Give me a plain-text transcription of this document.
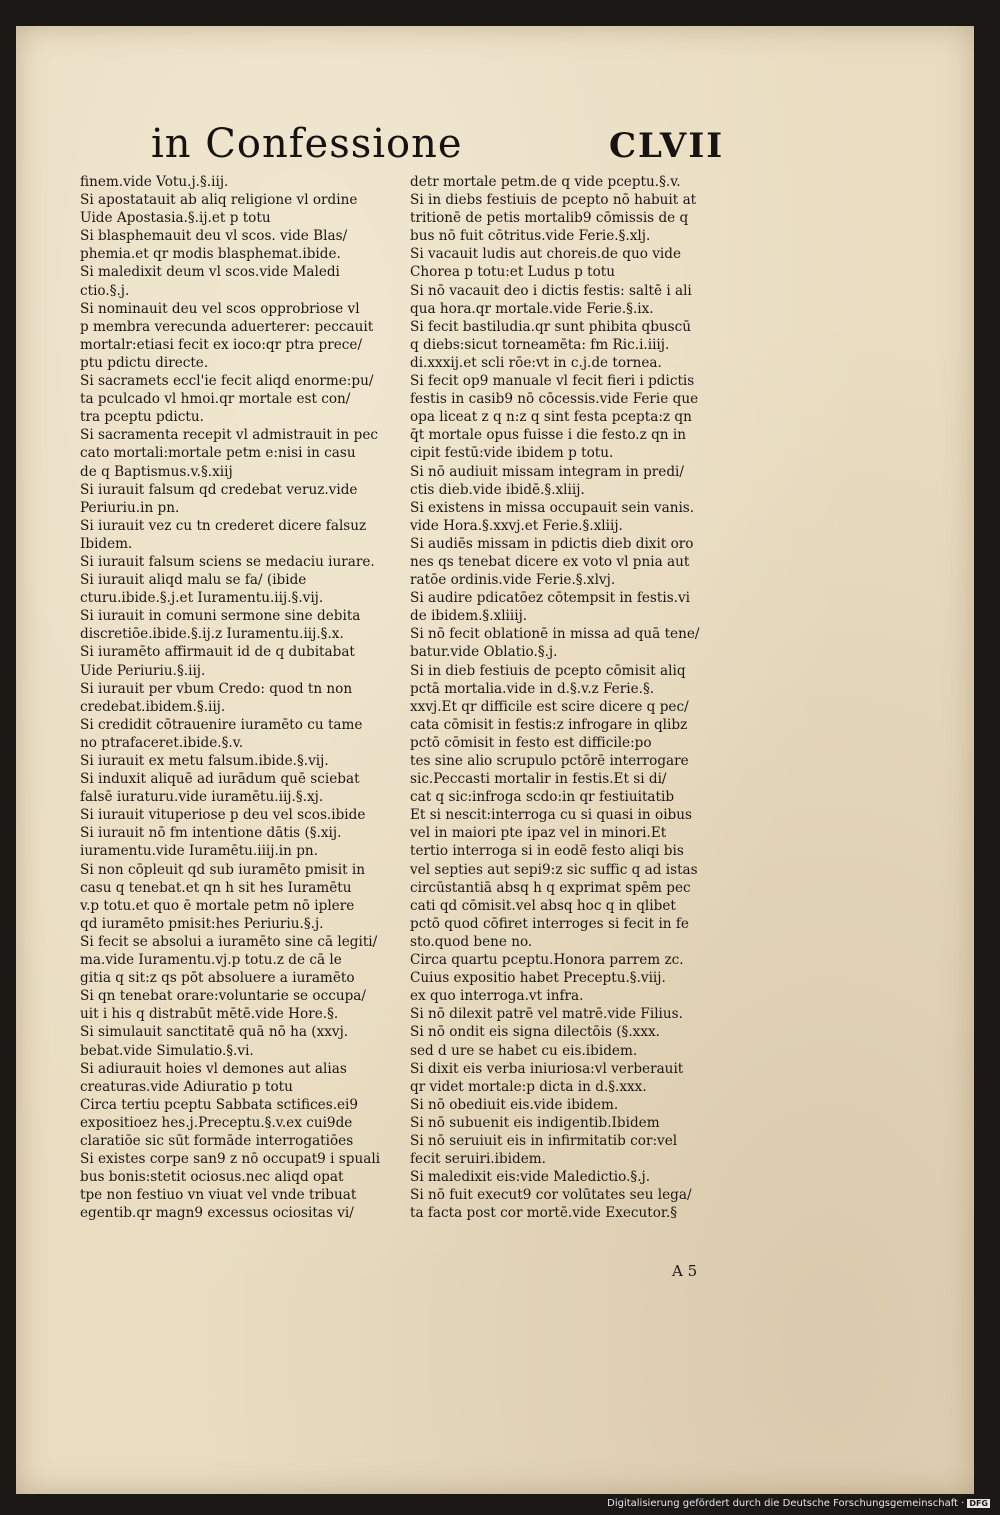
in Confessione	CLVII
finem.vide Votu.j.§.iij.
Si apostatauit ab aliq religione vl ordine
Uide Apostasia.§.ij.et p totu
Si blasphemauit deu vl scos. vide Blas/
phemia.et qr modis blasphemat.ibide.
Si maledixit deum vl scos.vide Maledi
ctio.§.j.
Si nominauit deu vel scos opprobriose vl
p membra verecunda aduerterer: peccauit
mortalr:etiasi fecit ex ioco:qr ptra prece/
ptu pdictu directe.
Si sacramets eccl'ie fecit aliqd enorme:pu/
ta pculcado vl hmoi.qr mortale est con/
tra pceptu pdictu.
Si sacramenta recepit vl admistrauit in pec
cato mortali:mortale petm e:nisi in casu
de q Baptismus.v.§.xiij
Si iurauit falsum qd credebat veruz.vide
Periuriu.in pn.
Si iurauit vez cu tn crederet dicere falsuz
Ibidem.
Si iurauit falsum sciens se medaciu iurare.
Si iurauit aliqd malu se fa/ (ibide
cturu.ibide.§.j.et Iuramentu.iij.§.vij.
Si iurauit in comuni sermone sine debita
discretiōe.ibide.§.ij.z Iuramentu.iij.§.x.
Si iuramēto affirmauit id de q dubitabat
Uide Periuriu.§.iij.
Si iurauit per vbum Credo: quod tn non
credebat.ibidem.§.iij.
Si credidit cōtrauenire iuramēto cu tame
no ptrafaceret.ibide.§.v.
Si iurauit ex metu falsum.ibide.§.vij.
Si induxit aliquē ad iurādum quē sciebat
falsē iuraturu.vide iuramētu.iij.§.xj.
Si iurauit vituperiose p deu vel scos.ibide
Si iurauit nō fm intentione dātis (§.xij.
iuramentu.vide Iuramētu.iiij.in pn.
Si non cōpleuit qd sub iuramēto pmisit in
casu q tenebat.et qn h sit hes Iuramētu
v.p totu.et quo ē mortale petm nō iplere
qd iuramēto pmisit:hes Periuriu.§.j.
Si fecit se absolui a iuramēto sine cā legiti/
ma.vide Iuramentu.vj.p totu.z de cā le
gitia q sit:z qs pōt absoluere a iuramēto
Si qn tenebat orare:voluntarie se occupa/
uit i his q distrabūt mētē.vide Hore.§.
Si simulauit sanctitatē quā nō ha (xxvj.
bebat.vide Simulatio.§.vi.
Si adiurauit hoies vl demones aut alias
creaturas.vide Adiuratio p totu
Circa tertiu pceptu Sabbata sctifices.ei9
expositioez hes.j.Preceptu.§.v.ex cui9de
claratiōe sic sūt formāde interrogatiōes
Si existes corpe san9 z nō occupat9 i spuali
bus bonis:stetit ociosus.nec aliqd opat
tpe non festiuo vn viuat vel vnde tribuat
egentib.qr magn9 excessus ociositas vi/
detr mortale petm.de q vide pceptu.§.v.
Si in diebs festiuis de pcepto nō habuit at
tritionē de petis mortalib9 cōmissis de q
bus nō fuit cōtritus.vide Ferie.§.xlj.
Si vacauit ludis aut choreis.de quo vide
Chorea p totu:et Ludus p totu
Si nō vacauit deo i dictis festis: saltē i ali
qua hora.qr mortale.vide Ferie.§.ix.
Si fecit bastiludia.qr sunt phibita qbuscū
q diebs:sicut torneamēta: fm Ric.i.iiij.
di.xxxij.et scli rōe:vt in c.j.de tornea.
Si fecit op9 manuale vl fecit fieri i pdictis
festis in casib9 nō cōcessis.vide Ferie que
opa liceat z q n:z q sint festa pcepta:z qn
q̄t mortale opus fuisse i die festo.z qn in
cipit festū:vide ibidem p totu.
Si nō audiuit missam integram in predi/
ctis dieb.vide ibidē.§.xliij.
Si existens in missa occupauit sein vanis.
vide Hora.§.xxvj.et Ferie.§.xliij.
Si audiēs missam in pdictis dieb dixit oro
nes qs tenebat dicere ex voto vl pnia aut
ratōe ordinis.vide Ferie.§.xlvj.
Si audire pdicatōez cōtempsit in festis.vi
de ibidem.§.xliiij.
Si nō fecit oblationē in missa ad quā tene/
batur.vide Oblatio.§.j.
Si in dieb festiuis de pcepto cōmisit aliq
pctā mortalia.vide in d.§.v.z Ferie.§.
xxvj.Et qr difficile est scire dicere q pec/
cata cōmisit in festis:z infrogare in qlibz
pctō cōmisit in festo est difficile:po
tes sine alio scrupulo pctōrē interrogare
sic.Peccasti mortalir in festis.Et si di/
cat q sic:infroga scdo:in qr festiuitatib
Et si nescit:interroga cu si quasi in oibus
vel in maiori pte ipaz vel in minori.Et
tertio interroga si in eodē festo aliqi bis
vel septies aut sepi9:z sic suffic q ad istas
circūstantiā absq h q exprimat spēm pec
cati qd cōmisit.vel absq hoc q in qlibet
pctō quod cōfiret interroges si fecit in fe
sto.quod bene no.
Circa quartu pceptu.Honora parrem zc.
Cuius expositio habet Preceptu.§.viij.
ex quo interroga.vt infra.
Si nō dilexit patrē vel matrē.vide Filius.
Si nō ondit eis signa dilectōis (§.xxx.
sed d ure se habet cu eis.ibidem.
Si dixit eis verba iniuriosa:vl verberauit
qr videt mortale:p dicta in d.§.xxx.
Si nō obediuit eis.vide ibidem.
Si nō subuenit eis indigentib.Ibidem
Si nō seruiuit eis in infirmitatib cor:vel
fecit seruiri.ibidem.
Si maledixit eis:vide Maledictio.§.j.
Si nō fuit execut9 cor volūtates seu lega/
ta facta post cor mortē.vide Executor.§
A 5
Digitalisierung gefördert durch die Deutsche Forschungsgemeinschaft · DFG
